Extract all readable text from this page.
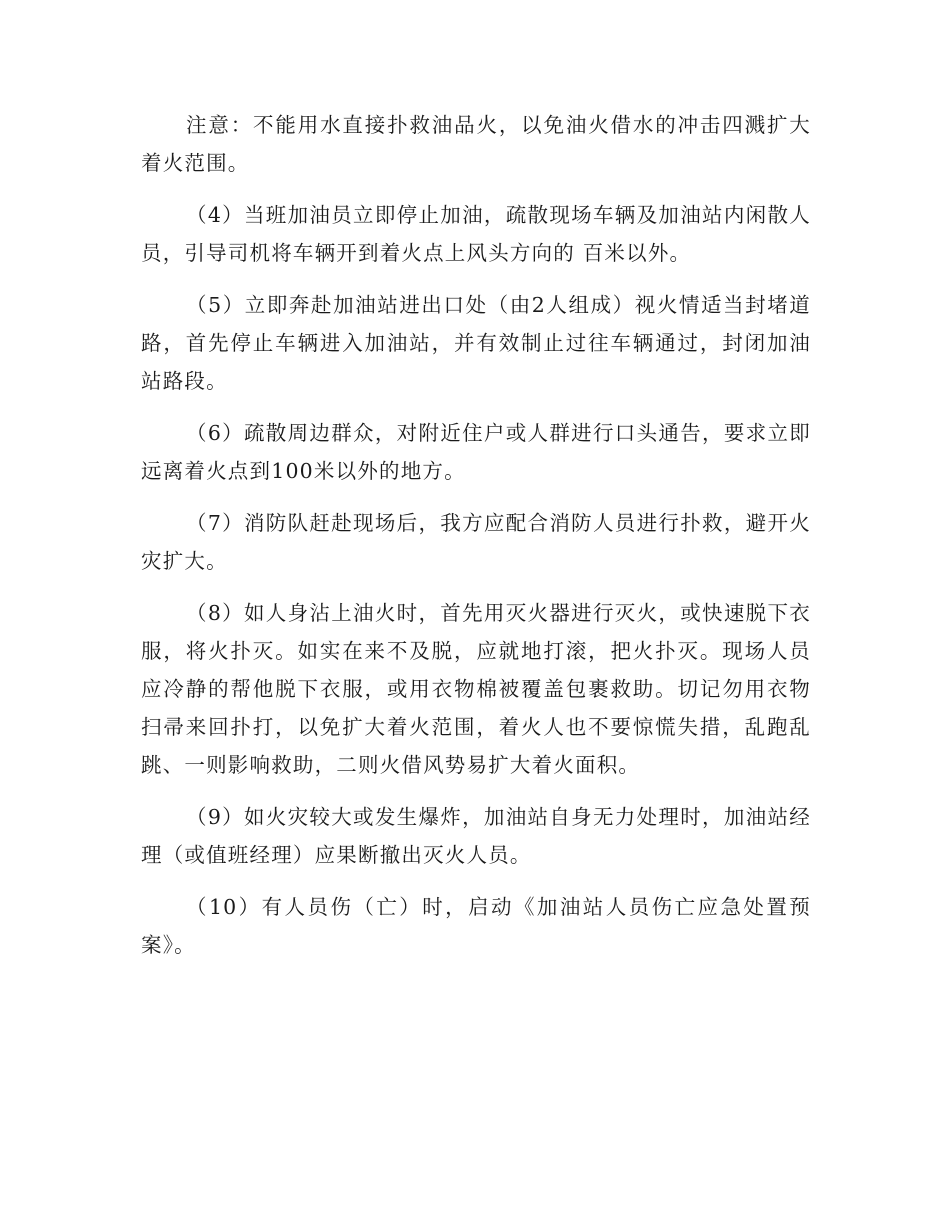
注意：不能用水直接扑救油品火，以免油火借水的冲击四溅扩大着火范围。

（4）当班加油员立即停止加油，疏散现场车辆及加油站内闲散人员，引导司机将车辆开到着火点上风头方向的 百米以外。

（5）立即奔赴加油站进出口处（由2人组成）视火情适当封堵道路，首先停止车辆进入加油站，并有效制止过往车辆通过，封闭加油站路段。

（6）疏散周边群众，对附近住户或人群进行口头通告，要求立即远离着火点到100米以外的地方。

（7）消防队赶赴现场后，我方应配合消防人员进行扑救，避开火灾扩大。

（8）如人身沾上油火时，首先用灭火器进行灭火，或快速脱下衣服，将火扑灭。如实在来不及脱，应就地打滚，把火扑灭。现场人员应冷静的帮他脱下衣服，或用衣物棉被覆盖包裹救助。切记勿用衣物扫帚来回扑打，以免扩大着火范围，着火人也不要惊慌失措，乱跑乱跳、一则影响救助，二则火借风势易扩大着火面积。

（9）如火灾较大或发生爆炸，加油站自身无力处理时，加油站经理（或值班经理）应果断撤出灭火人员。

（10）有人员伤（亡）时，启动《加油站人员伤亡应急处置预案》。
